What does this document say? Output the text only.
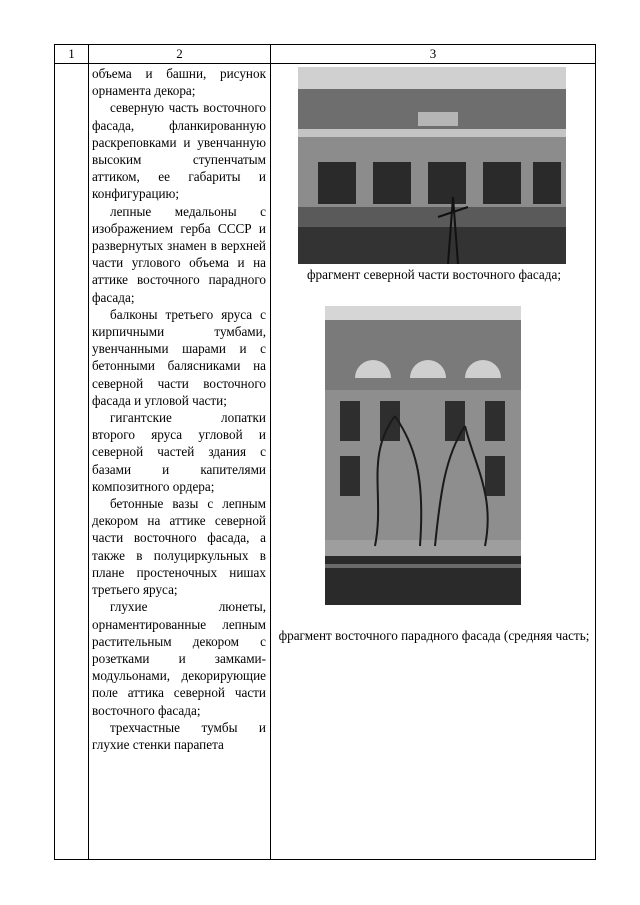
1	2	3

объема и башни, рисунок орнамента декора;

северную часть восточного фасада, фланкированную раскреповками и увенчанную высоким ступенчатым аттиком, ее габариты и конфигурацию;

лепные медальоны с изображением герба СССР и развернутых знамен в верхней части углового объема и на аттике восточного парадного фасада;

балконы третьего яруса с кирпичными тумбами, увенчанными шарами и с бетонными балясниками на северной части восточного фасада и угловой части;

гигантские лопатки второго яруса угловой и северной частей здания с базами и капителями композитного ордера;

бетонные вазы с лепным декором на аттике северной части восточного фасада, а также в полуциркульных в плане простеночных нишах третьего яруса;

глухие люнеты, орнаментированные лепным растительным декором с розетками и замками-модульонами, декорирующие поле аттика северной части восточного фасада;

трехчастные тумбы и глухие стенки парапета

фрагмент северной части восточного фасада;
фрагмент восточного парадного фасада (средняя часть;
